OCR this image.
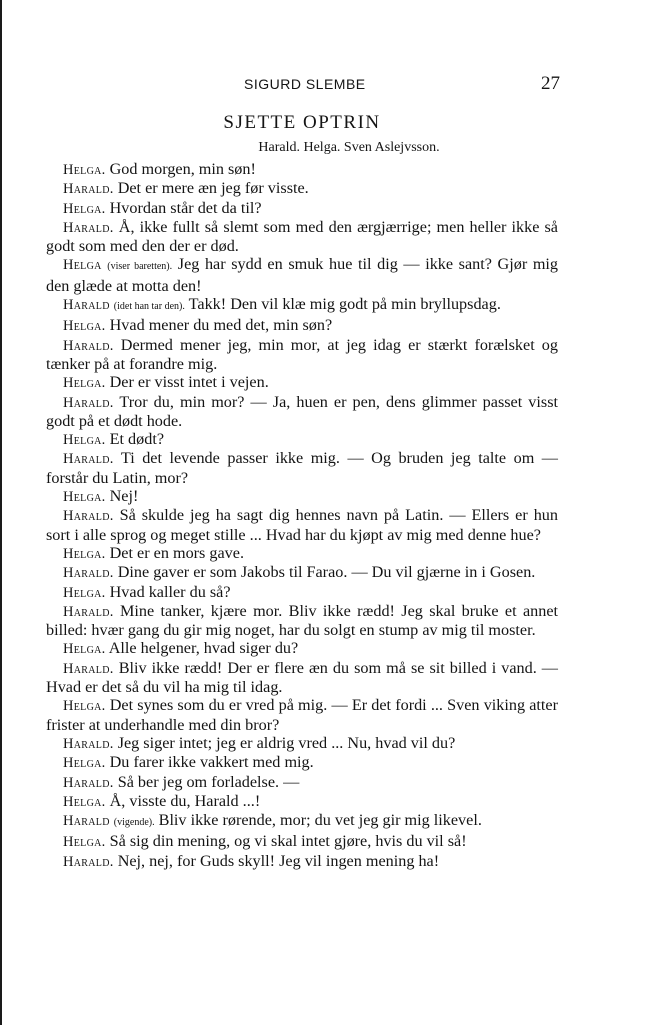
SIGURD SLEMBE	27
SJETTE OPTRIN
Harald. Helga. Sven Aslejvsson.

Helga. God morgen, min søn!

Harald. Det er mere æn jeg før visste.

Helga. Hvordan står det da til?

Harald. Å, ikke fullt så slemt som med den ærgjærrige; men heller ikke så godt som med den der er død.

Helga (viser baretten). Jeg har sydd en smuk hue til dig — ikke sant? Gjør mig den glæde at motta den!

Harald (idet han tar den). Takk! Den vil klæ mig godt på min bryllupsdag.

Helga. Hvad mener du med det, min søn?

Harald. Dermed mener jeg, min mor, at jeg idag er stærkt forælsket og tænker på at forandre mig.

Helga. Der er visst intet i vejen.

Harald. Tror du, min mor? — Ja, huen er pen, dens glimmer passet visst godt på et dødt hode.

Helga. Et dødt?

Harald. Ti det levende passer ikke mig. — Og bruden jeg talte om — forstår du Latin, mor?

Helga. Nej!

Harald. Så skulde jeg ha sagt dig hennes navn på Latin. — Ellers er hun sort i alle sprog og meget stille ... Hvad har du kjøpt av mig med denne hue?

Helga. Det er en mors gave.

Harald. Dine gaver er som Jakobs til Farao. — Du vil gjærne in i Gosen.

Helga. Hvad kaller du så?

Harald. Mine tanker, kjære mor. Bliv ikke rædd! Jeg skal bruke et annet billed: hvær gang du gir mig noget, har du solgt en stump av mig til moster.

Helga. Alle helgener, hvad siger du?

Harald. Bliv ikke rædd! Der er flere æn du som må se sit billed i vand. — Hvad er det så du vil ha mig til idag.

Helga. Det synes som du er vred på mig. — Er det fordi ... Sven viking atter frister at underhandle med din bror?

Harald. Jeg siger intet; jeg er aldrig vred ... Nu, hvad vil du?

Helga. Du farer ikke vakkert med mig.

Harald. Så ber jeg om forladelse. —

Helga. Å, visste du, Harald ...!

Harald (vigende). Bliv ikke rørende, mor; du vet jeg gir mig likevel.

Helga. Så sig din mening, og vi skal intet gjøre, hvis du vil så!

Harald. Nej, nej, for Guds skyll! Jeg vil ingen mening ha!
